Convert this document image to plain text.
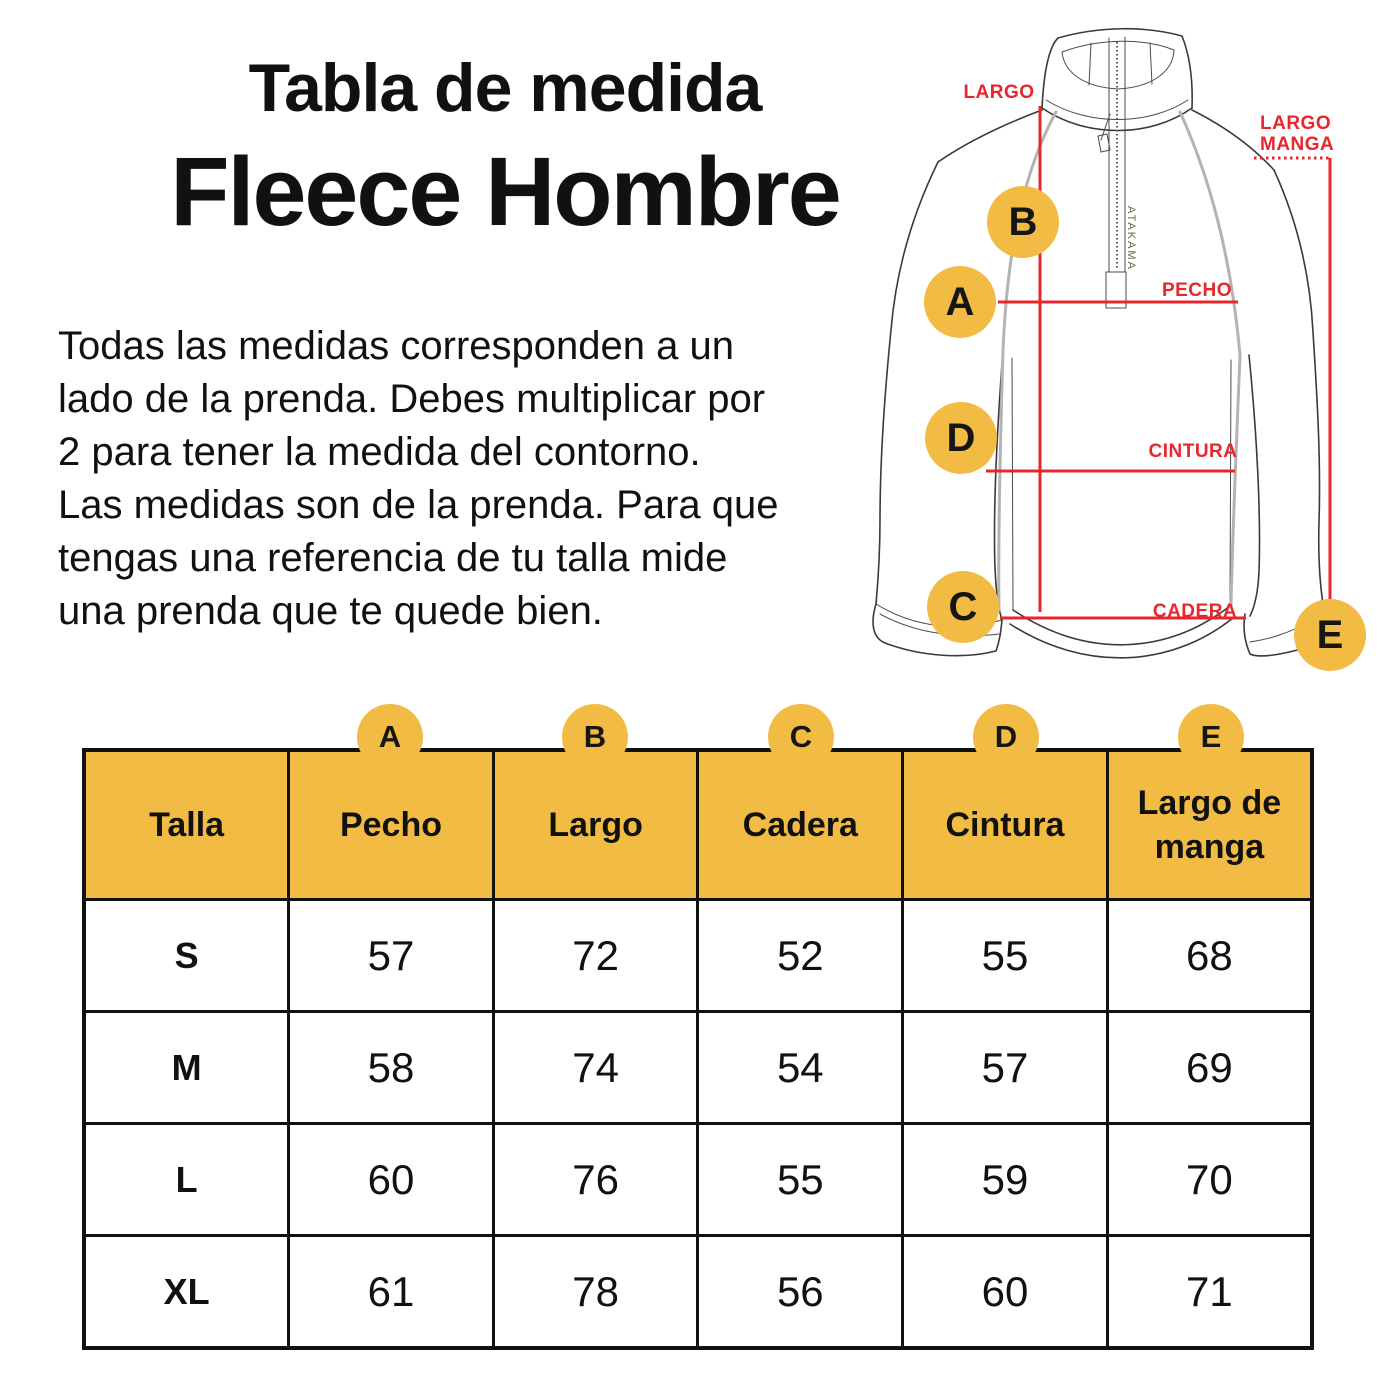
Tabla de medida
Fleece Hombre
Todas las medidas corresponden a un
lado de la prenda. Debes multiplicar por
2 para tener la medida del contorno.
Las medidas son de la prenda. Para que
tengas una referencia de tu talla mide
una prenda que te quede bien.
ATAKAMA
LARGO
LARGO
MANGA
PECHO
CINTURA
CADERA
A
B
C
D
E
A	B	C	D	E
Talla	Pecho	Largo	Cadera	Cintura	Largo de manga
S	57	72	52	55	68
M	58	74	54	57	69
L	60	76	55	59	70
XL	61	78	56	60	71
